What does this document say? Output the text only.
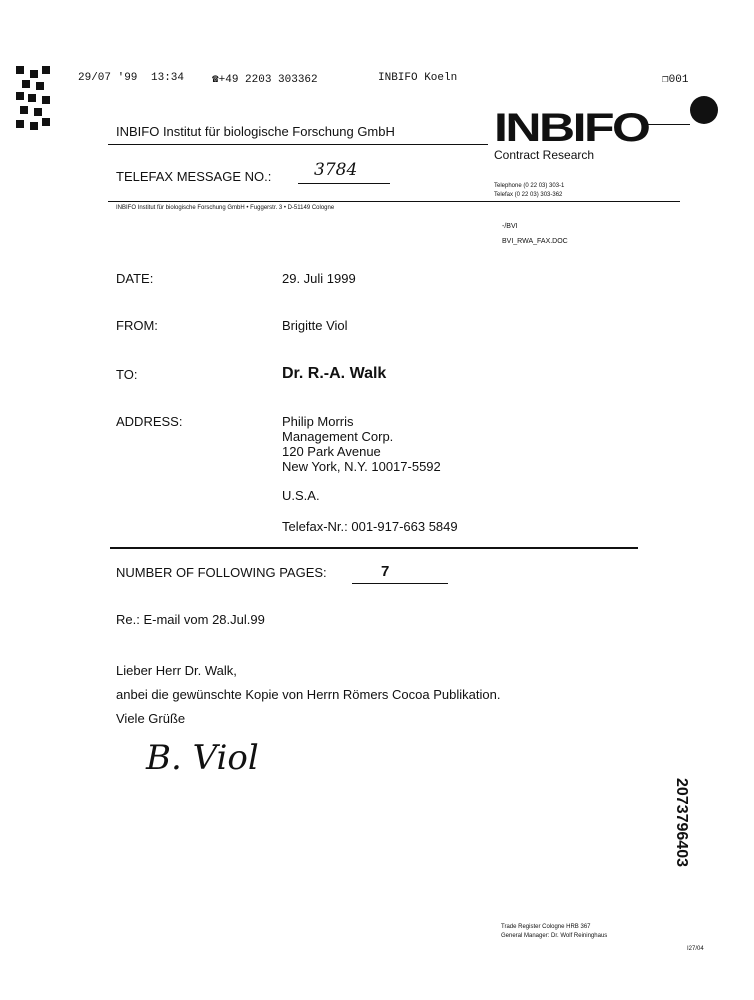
29/07 '99 13:34	☎+49 2203 303362	INBIFO Koeln	❐001
INBIFO Institut für biologische Forschung GmbH INBIFO
Contract Research
Telephone (0 22 03) 303-1
Telefax (0 22 03) 303-362
TELEFAX MESSAGE NO.:	3784
INBIFO Institut für biologische Forschung GmbH • Fuggerstr. 3 • D-51149 Cologne
-/BVI
BVI_RWA_FAX.DOC
DATE:	29. Juli 1999
FROM:	Brigitte Viol
TO:	Dr. R.-A. Walk
ADDRESS:	Philip Morris
Management Corp.
120 Park Avenue
New York, N.Y. 10017-5592
U.S.A.
Telefax-Nr.: 001-917-663 5849
NUMBER OF FOLLOWING PAGES:	7
Re.: E-mail vom 28.Jul.99
Lieber Herr Dr. Walk,
anbei die gewünschte Kopie von Herrn Römers Cocoa Publikation.
Viele Grüße
B. Viol
Trade Register Cologne HRB 367
General Manager: Dr. Wolf Reininghaus
I27/04
2073796403
